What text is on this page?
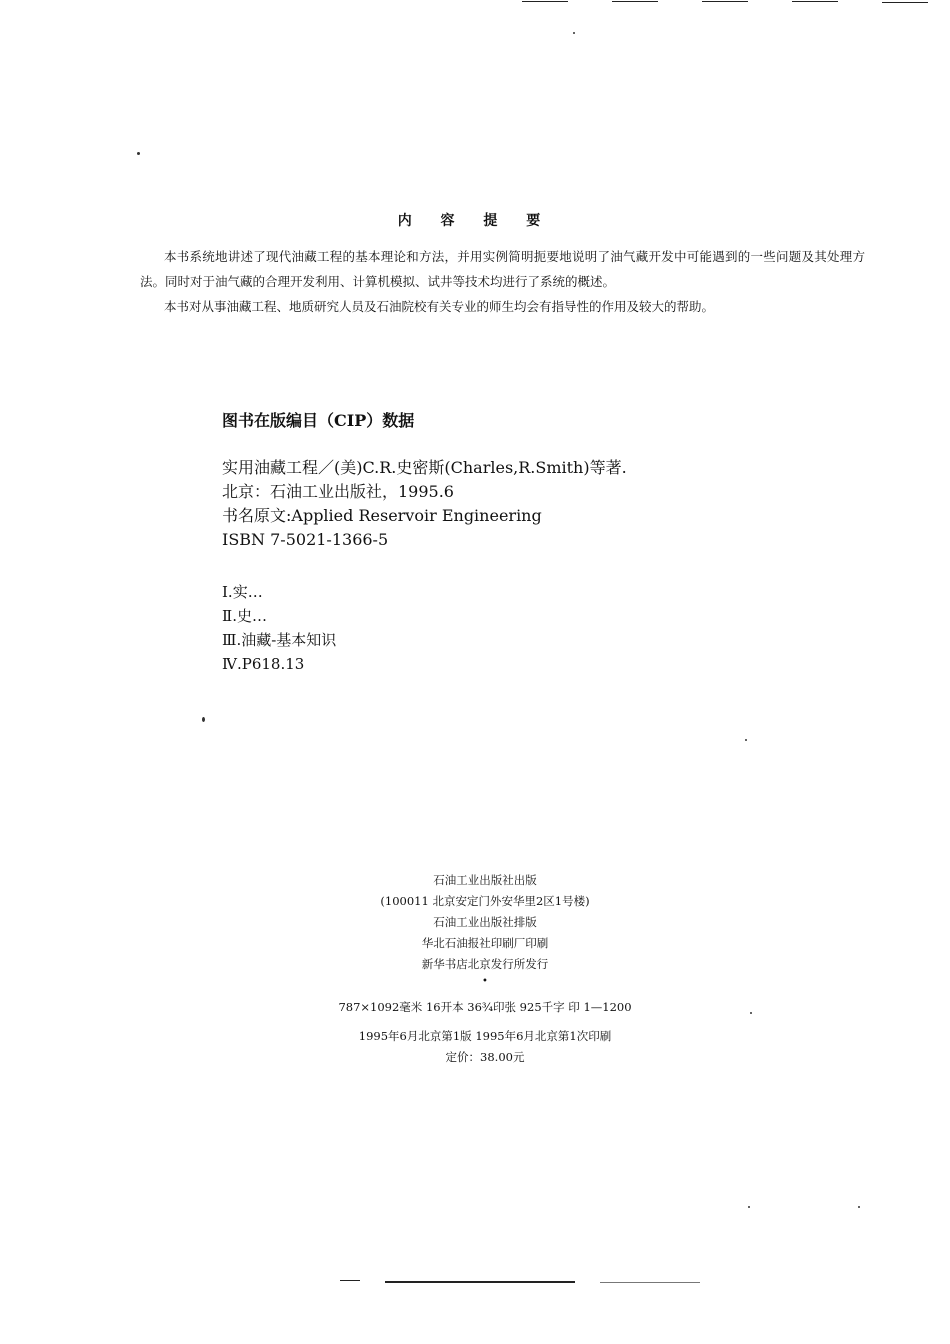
内 容 提 要

本书系统地讲述了现代油藏工程的基本理论和方法，并用实例简明扼要地说明了油气藏开发中可能遇到的一些问题及其处理方法。同时对于油气藏的合理开发利用、计算机模拟、试井等技术均进行了系统的概述。

本书对从事油藏工程、地质研究人员及石油院校有关专业的师生均会有指导性的作用及较大的帮助。

图书在版编目（CIP）数据
实用油藏工程／(美)C.R.史密斯(Charles,R.Smith)等著.
北京：石油工业出版社，1995.6
书名原文:Applied Reservoir Engineering
ISBN 7-5021-1366-5
Ⅰ.实…
Ⅱ.史…
Ⅲ.油藏-基本知识
Ⅳ.P618.13
石油工业出版社出版
(100011 北京安定门外安华里2区1号楼)
石油工业出版社排版
华北石油报社印刷厂印刷
新华书店北京发行所发行
•
787×1092毫米 16开本 36¾印张 925千字 印 1—1200
1995年6月北京第1版 1995年6月北京第1次印刷
定价：38.00元
